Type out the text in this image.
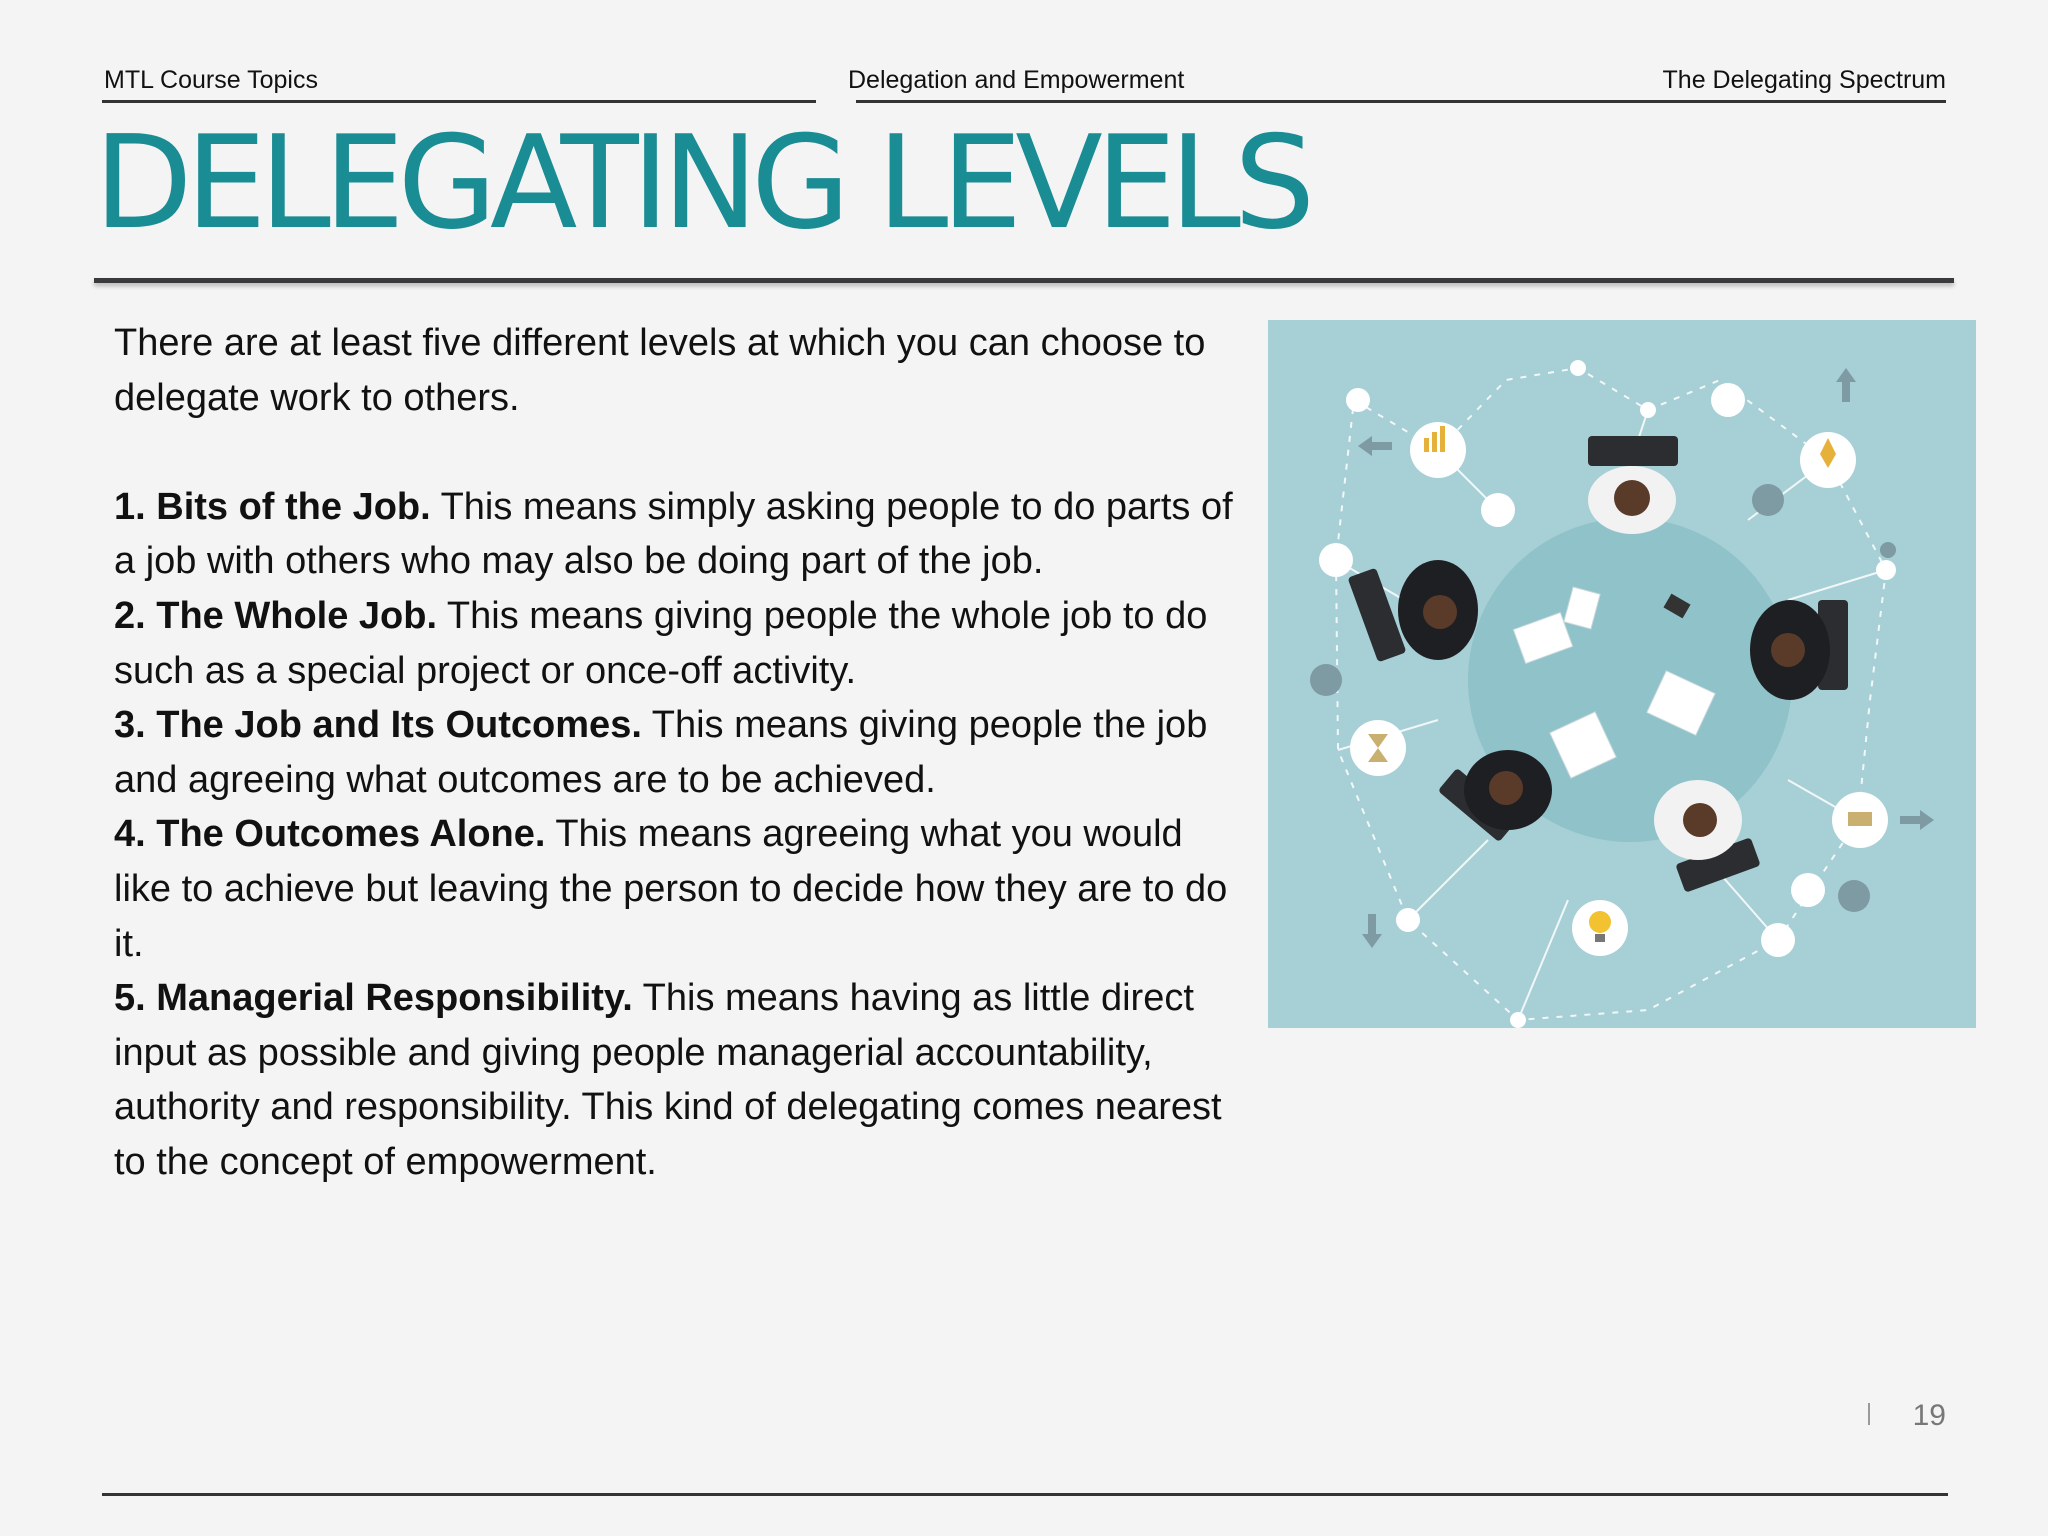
MTL Course Topics	Delegation and Empowerment	The Delegating Spectrum
DELEGATING LEVELS

There are at least five different levels at which you can choose to delegate work to others.

1. Bits of the Job. This means simply asking people to do parts of a job with others who may also be doing part of the job.

2. The Whole Job. This means giving people the whole job to do such as a special project or once-off activity.

3. The Job and Its Outcomes. This means giving people the job and agreeing what outcomes are to be achieved.

4. The Outcomes Alone. This means agreeing what you would like to achieve but leaving the person to decide how they are to do it.

5. Managerial Responsibility. This means having as little direct input as possible and giving people managerial accountability, authority and responsibility. This kind of delegating comes nearest to the concept of empowerment.

19
